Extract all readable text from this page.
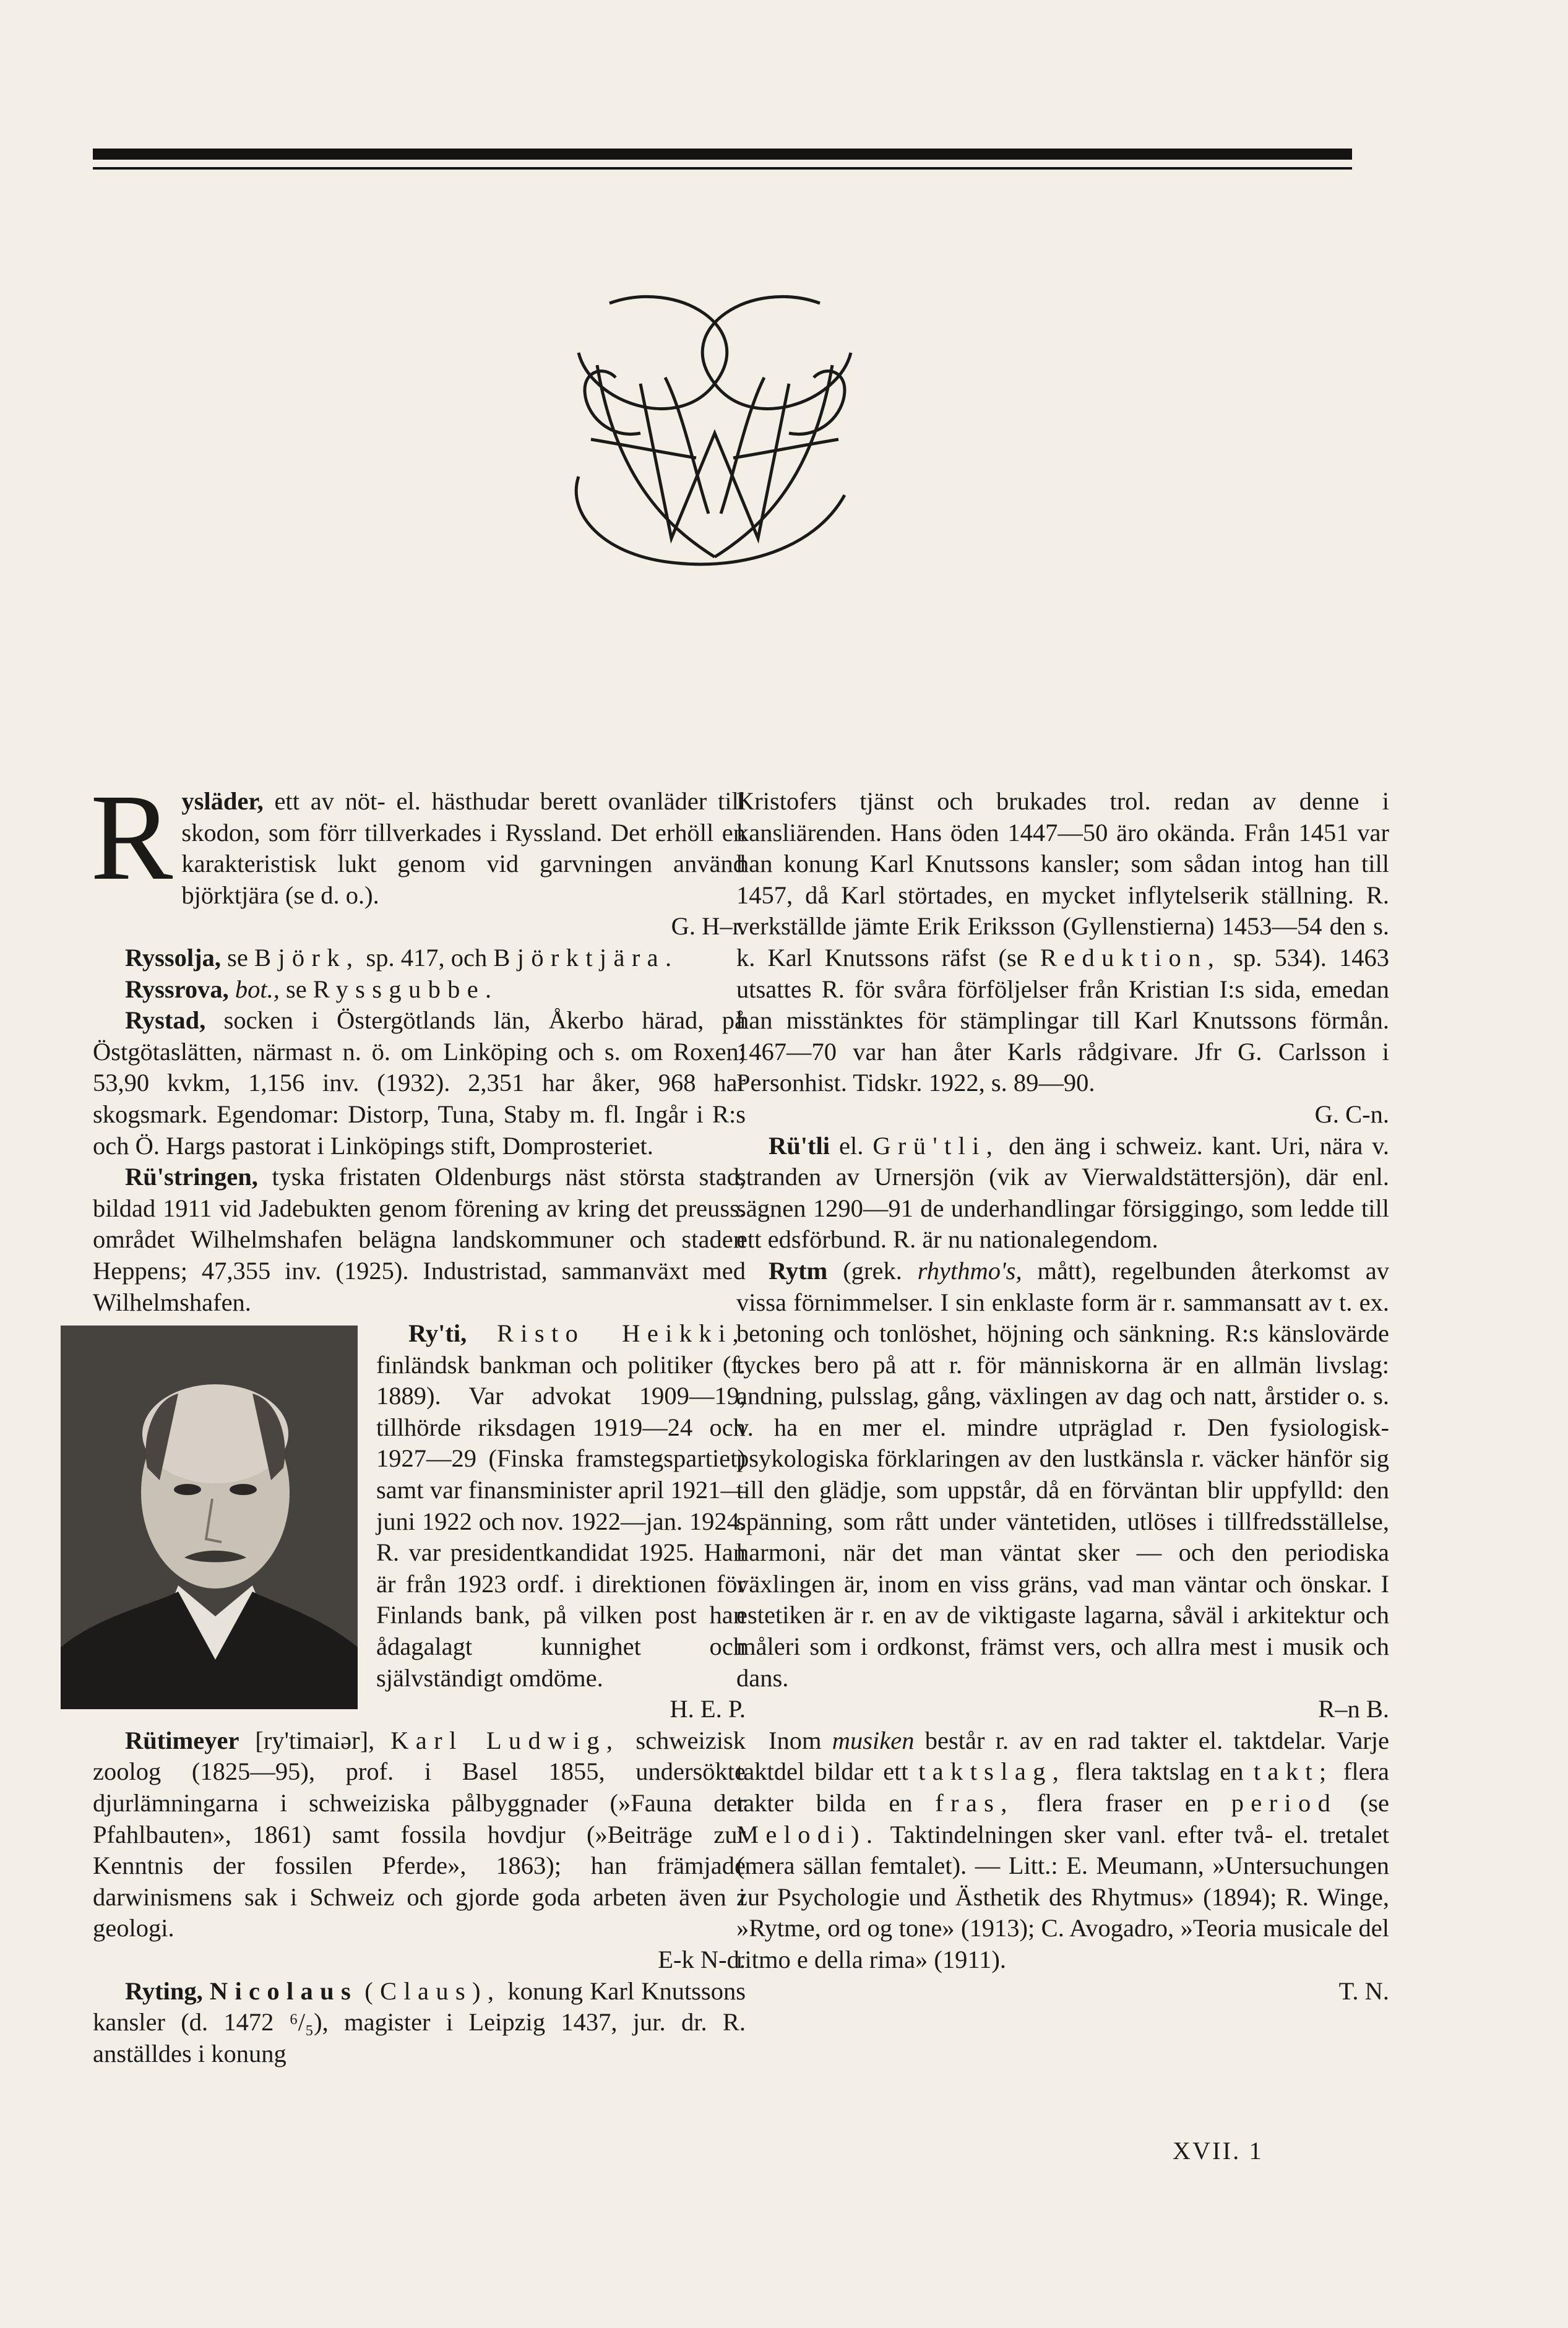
Rysläder, ett av nöt- el. hästhudar berett ovanläder till skodon, som förr tillverkades i Ryssland. Det erhöll en karakteristisk lukt genom vid garvningen använd björktjära (se d. o.).
G. H–r.

Ryssolja, se Björk, sp. 417, och Björktjära.

Ryssrova, bot., se Ryssgubbe.

Rystad, socken i Östergötlands län, Åkerbo härad, på Östgötaslätten, närmast n. ö. om Linköping och s. om Roxen; 53,90 kvkm, 1,156 inv. (1932). 2,351 har åker, 968 har skogsmark. Egendomar: Distorp, Tuna, Staby m. fl. Ingår i R:s och Ö. Hargs pastorat i Linköpings stift, Domprosteriet.

Rü'stringen, tyska fristaten Oldenburgs näst största stad, bildad 1911 vid Jadebukten genom förening av kring det preuss. området Wilhelmshafen belägna landskommuner och staden Heppens; 47,355 inv. (1925). Industristad, sammanväxt med Wilhelmshafen.

Ry'ti, Risto Heikki,
finländsk bankman och politiker (f. 1889). Var advokat 1909—19, tillhörde riksdagen 1919—24 och 1927—29 (Finska framstegspartiet) samt var finansminister april 1921—juni 1922 och nov. 1922—jan. 1924. R. var presidentkandidat 1925. Han är från 1923 ordf. i direktionen för Finlands bank, på vilken post han ådagalagt kunnighet och självständigt omdöme.
H. E. P.

Rütimeyer [ry'timaiər], Karl Ludwig, schweizisk zoolog (1825—95), prof. i Basel 1855, undersökte djurlämningarna i schweiziska pålbyggnader (»Fauna der Pfahlbauten», 1861) samt fossila hovdjur (»Beiträge zur Kenntnis der fossilen Pferde», 1863); han främjade darwinismens sak i Schweiz och gjorde goda arbeten även i geologi.
E-k N-d.

Ryting, Nicolaus (Claus), konung Karl Knutssons kansler (d. 1472 ⁶/₅), magister i Leipzig 1437, jur. dr. R. anställdes i konung

Kristofers tjänst och brukades trol. redan av denne i kansliärenden. Hans öden 1447—50 äro okända. Från 1451 var han konung Karl Knutssons kansler; som sådan intog han till 1457, då Karl störtades, en mycket inflytelserik ställning. R. verkställde jämte Erik Eriksson (Gyllenstierna) 1453—54 den s. k. Karl Knutssons räfst (se Reduktion, sp. 534). 1463 utsattes R. för svåra förföljelser från Kristian I:s sida, emedan han misstänktes för stämplingar till Karl Knutssons förmån. 1467—70 var han åter Karls rådgivare. Jfr G. Carlsson i Personhist. Tidskr. 1922, s. 89—90.
G. C-n.

Rü'tli el. Grü'tli, den äng i schweiz. kant. Uri, nära v. stranden av Urnersjön (vik av Vierwaldstättersjön), där enl. sägnen 1290—91 de underhandlingar försiggingo, som ledde till ett edsförbund. R. är nu nationalegendom.

Rytm (grek. rhythmo's, mått), regelbunden återkomst av vissa förnimmelser. I sin enklaste form är r. sammansatt av t. ex. betoning och tonlöshet, höjning och sänkning. R:s känslovärde tyckes bero på att r. för människorna är en allmän livslag: andning, pulsslag, gång, växlingen av dag och natt, årstider o. s. v. ha en mer el. mindre utpräglad r. Den fysiologisk-psykologiska förklaringen av den lustkänsla r. väcker hänför sig till den glädje, som uppstår, då en förväntan blir uppfylld: den spänning, som rått under väntetiden, utlöses i tillfredsställelse, harmoni, när det man väntat sker — och den periodiska växlingen är, inom en viss gräns, vad man väntar och önskar. I estetiken är r. en av de viktigaste lagarna, såväl i arkitektur och måleri som i ordkonst, främst vers, och allra mest i musik och dans.
R–n B.

Inom musiken består r. av en rad takter el. taktdelar. Varje taktdel bildar ett taktslag, flera taktslag en takt; flera takter bilda en fras, flera fraser en period (se Melodi). Taktindelningen sker vanl. efter två- el. tretalet (mera sällan femtalet). — Litt.: E. Meumann, »Untersuchungen zur Psychologie und Ästhetik des Rhytmus» (1894); R. Winge, »Rytme, ord og tone» (1913); C. Avogadro, »Teoria musicale del ritmo e della rima» (1911).
T. N.

XVII. 1
